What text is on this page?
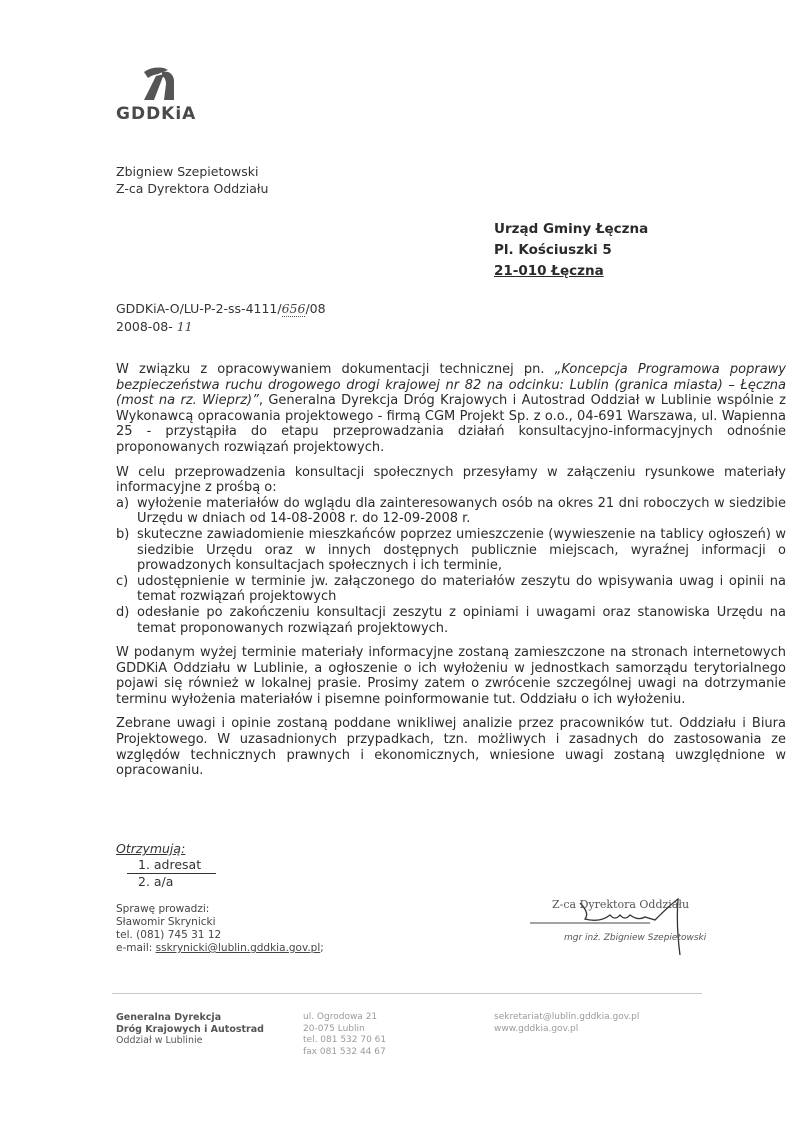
GDDKiA
Zbigniew Szepietowski
Z-ca Dyrektora Oddziału
Urząd Gminy Łęczna
Pl. Kościuszki 5
21-010 Łęczna
GDDKiA-O/LU-P-2-ss-4111/656/08
2008-08- 11

W związku z opracowywaniem dokumentacji technicznej pn. „Koncepcja Programowa poprawy bezpieczeństwa ruchu drogowego drogi krajowej nr 82 na odcinku: Lublin (granica miasta) – Łęczna (most na rz. Wieprz)”, Generalna Dyrekcja Dróg Krajowych i Autostrad Oddział w Lublinie wspólnie z Wykonawcą opracowania projektowego - firmą CGM Projekt Sp. z o.o., 04-691 Warszawa, ul. Wapienna 25 - przystąpiła do etapu przeprowadzania działań konsultacyjno-informacyjnych odnośnie proponowanych rozwiązań projektowych.

W celu przeprowadzenia konsultacji społecznych przesyłamy w załączeniu rysunkowe materiały informacyjne z prośbą o:
a) wyłożenie materiałów do wglądu dla zainteresowanych osób na okres 21 dni roboczych w siedzibie Urzędu w dniach od 14-08-2008 r. do 12-09-2008 r.
b) skuteczne zawiadomienie mieszkańców poprzez umieszczenie (wywieszenie na tablicy ogłoszeń) w siedzibie Urzędu oraz w innych dostępnych publicznie miejscach, wyraźnej informacji o prowadzonych konsultacjach społecznych i ich terminie,
c) udostępnienie w terminie jw. załączonego do materiałów zeszytu do wpisywania uwag i opinii na temat rozwiązań projektowych
d) odesłanie po zakończeniu konsultacji zeszytu z opiniami i uwagami oraz stanowiska Urzędu na temat proponowanych rozwiązań projektowych.

W podanym wyżej terminie materiały informacyjne zostaną zamieszczone na stronach internetowych GDDKiA Oddziału w Lublinie, a ogłoszenie o ich wyłożeniu w jednostkach samorządu terytorialnego pojawi się również w lokalnej prasie. Prosimy zatem o zwrócenie szczególnej uwagi na dotrzymanie terminu wyłożenia materiałów i pisemne poinformowanie tut. Oddziału o ich wyłożeniu.

Zebrane uwagi i opinie zostaną poddane wnikliwej analizie przez pracowników tut. Oddziału i Biura Projektowego. W uzasadnionych przypadkach, tzn. możliwych i zasadnych do zastosowania ze względów technicznych prawnych i ekonomicznych, wniesione uwagi zostaną uwzględnione w opracowaniu.

Otrzymują:
1. adresat
2. a/a
Sprawę prowadzi:
Sławomir Skrynicki
tel. (081) 745 31 12
e-mail: sskrynicki@lublin.gddkia.gov.pl;
Z-ca Dyrektora Oddziału
mgr inż. Zbigniew Szepietowski
Generalna Dyrekcja
Dróg Krajowych i Autostrad
Oddział w Lublinie
ul. Ogrodowa 21
20-075 Lublin
tel. 081 532 70 61
fax 081 532 44 67
sekretariat@lublin.gddkia.gov.pl
www.gddkia.gov.pl
